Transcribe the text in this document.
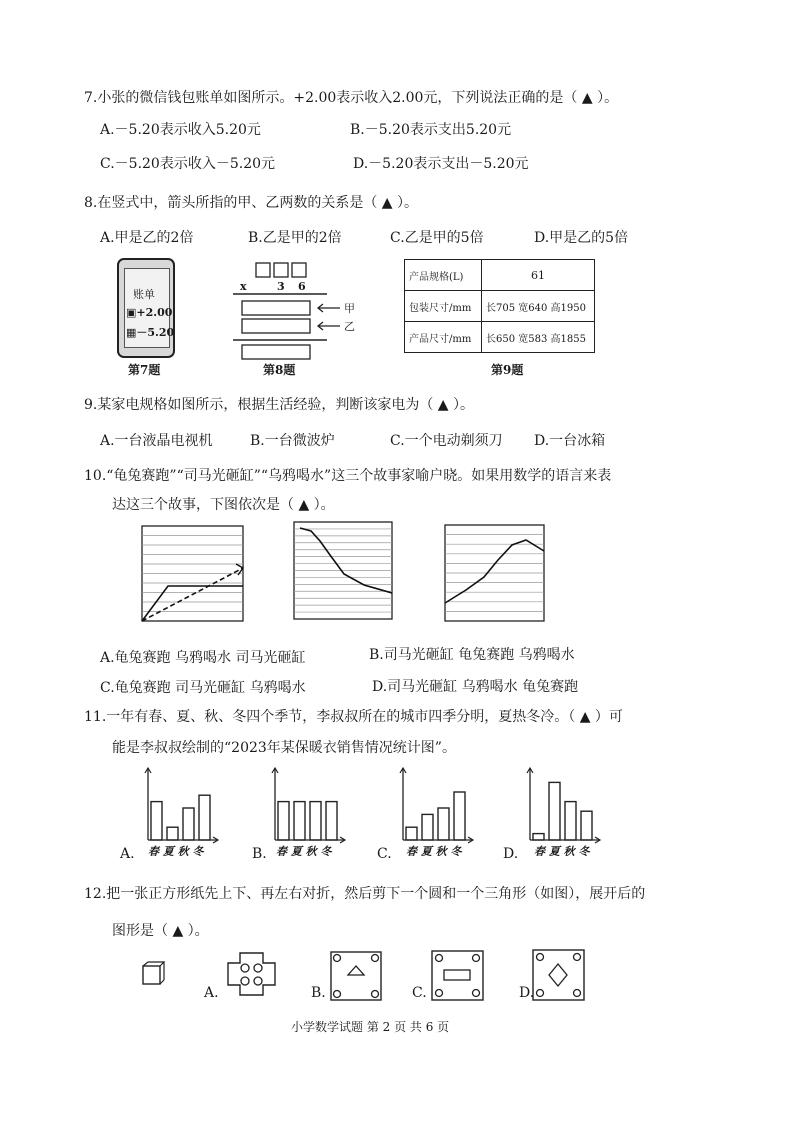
7.小张的微信钱包账单如图所示。+2.00表示收入2.00元，下列说法正确的是（ ▲ ）。
A.－5.20表示收入5.20元	B.－5.20表示支出5.20元
C.－5.20表示收入－5.20元	D.－5.20表示支出－5.20元
8.在竖式中，箭头所指的甲、乙两数的关系是（ ▲ ）。
A.甲是乙的2倍	B.乙是甲的2倍	C.乙是甲的5倍	D.甲是乙的5倍
账单
▣+2.00
▦－5.20
第7题
x	3 6
甲
乙
第8题
产品规格(L)	61
包装尺寸/mm	长705 宽640 高1950
产品尺寸/mm	长650 宽583 高1855
第9题
9.某家电规格如图所示，根据生活经验，判断该家电为（ ▲ ）。
A.一台液晶电视机	B.一台微波炉	C.一个电动剃须刀 D.一台冰箱
10.“龟兔赛跑”“司马光砸缸”“乌鸦喝水”这三个故事家喻户晓。如果用数学的语言来表
达这三个故事，下图依次是（ ▲ ）。
A.龟兔赛跑 乌鸦喝水 司马光砸缸	B.司马光砸缸 龟兔赛跑 乌鸦喝水
C.龟兔赛跑 司马光砸缸 乌鸦喝水	D.司马光砸缸 乌鸦喝水 龟兔赛跑
11.一年有春、夏、秋、冬四个季节，李叔叔所在的城市四季分明，夏热冬冷。（ ▲ ）可
能是李叔叔绘制的“2023年某保暖衣销售情况统计图”。
A.	B.	C.	D.
春 夏 秋 冬	春 夏 秋 冬	春 夏 秋 冬	春 夏 秋 冬
12.把一张正方形纸先上下、再左右对折，然后剪下一个圆和一个三角形（如图），展开后的
图形是（ ▲ ）。
A.	B.	C.	D.
小学数学试题 第 2 页 共 6 页
